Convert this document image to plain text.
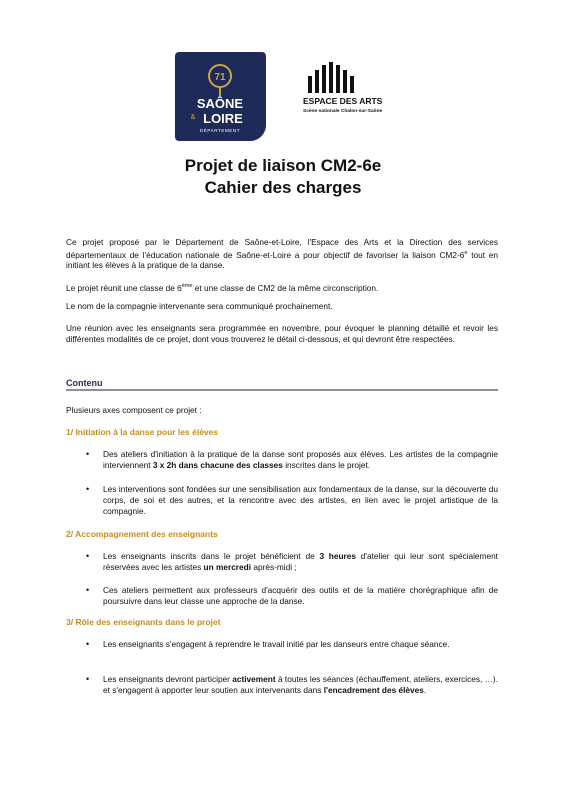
71
SAÔNE
& LOIRE
DÉPARTEMENT
ESPACE DES ARTS
Scène nationale Chalon-sur-Saône
Projet de liaison CM2-6e
Cahier des charges

Ce projet proposé par le Département de Saône-et-Loire, l'Espace des Arts et la Direction des services départementaux de l'éducation nationale de Saône-et-Loire a pour objectif de favoriser la liaison CM2-6e tout en initiant les élèves à la pratique de la danse.

Le projet réunit une classe de 6ème et une classe de CM2 de la même circonscription.

Le nom de la compagnie intervenante sera communiqué prochainement.

Une réunion avec les enseignants sera programmée en novembre, pour évoquer le planning détaillé et revoir les différentes modalités de ce projet, dont vous trouverez le détail ci-dessous, et qui devront être respectées.

Contenu

Plusieurs axes composent ce projet :

1/ Initiation à la danse pour les élèves
• Des ateliers d'initiation à la pratique de la danse sont proposés aux élèves. Les artistes de la compagnie interviennent 3 x 2h dans chacune des classes inscrites dans le projet.

• Les interventions sont fondées sur une sensibilisation aux fondamentaux de la danse, sur la découverte du corps, de soi et des autres, et la rencontre avec des artistes, en lien avec le projet artistique de la compagnie.

2/ Accompagnement des enseignants
• Les enseignants inscrits dans le projet bénéficient de 3 heures d'atelier qui leur sont spécialement réservées avec les artistes un mercredi après-midi ;

• Ces ateliers permettent aux professeurs d'acquérir des outils et de la matière chorégraphique afin de poursuivre dans leur classe une approche de la danse.

3/ Rôle des enseignants dans le projet
• Les enseignants s'engagent à reprendre le travail initié par les danseurs entre chaque séance.

• Les enseignants devront participer activement à toutes les séances (échauffement, ateliers, exercices, …). et s'engagent à apporter leur soutien aux intervenants dans l'encadrement des élèves.
